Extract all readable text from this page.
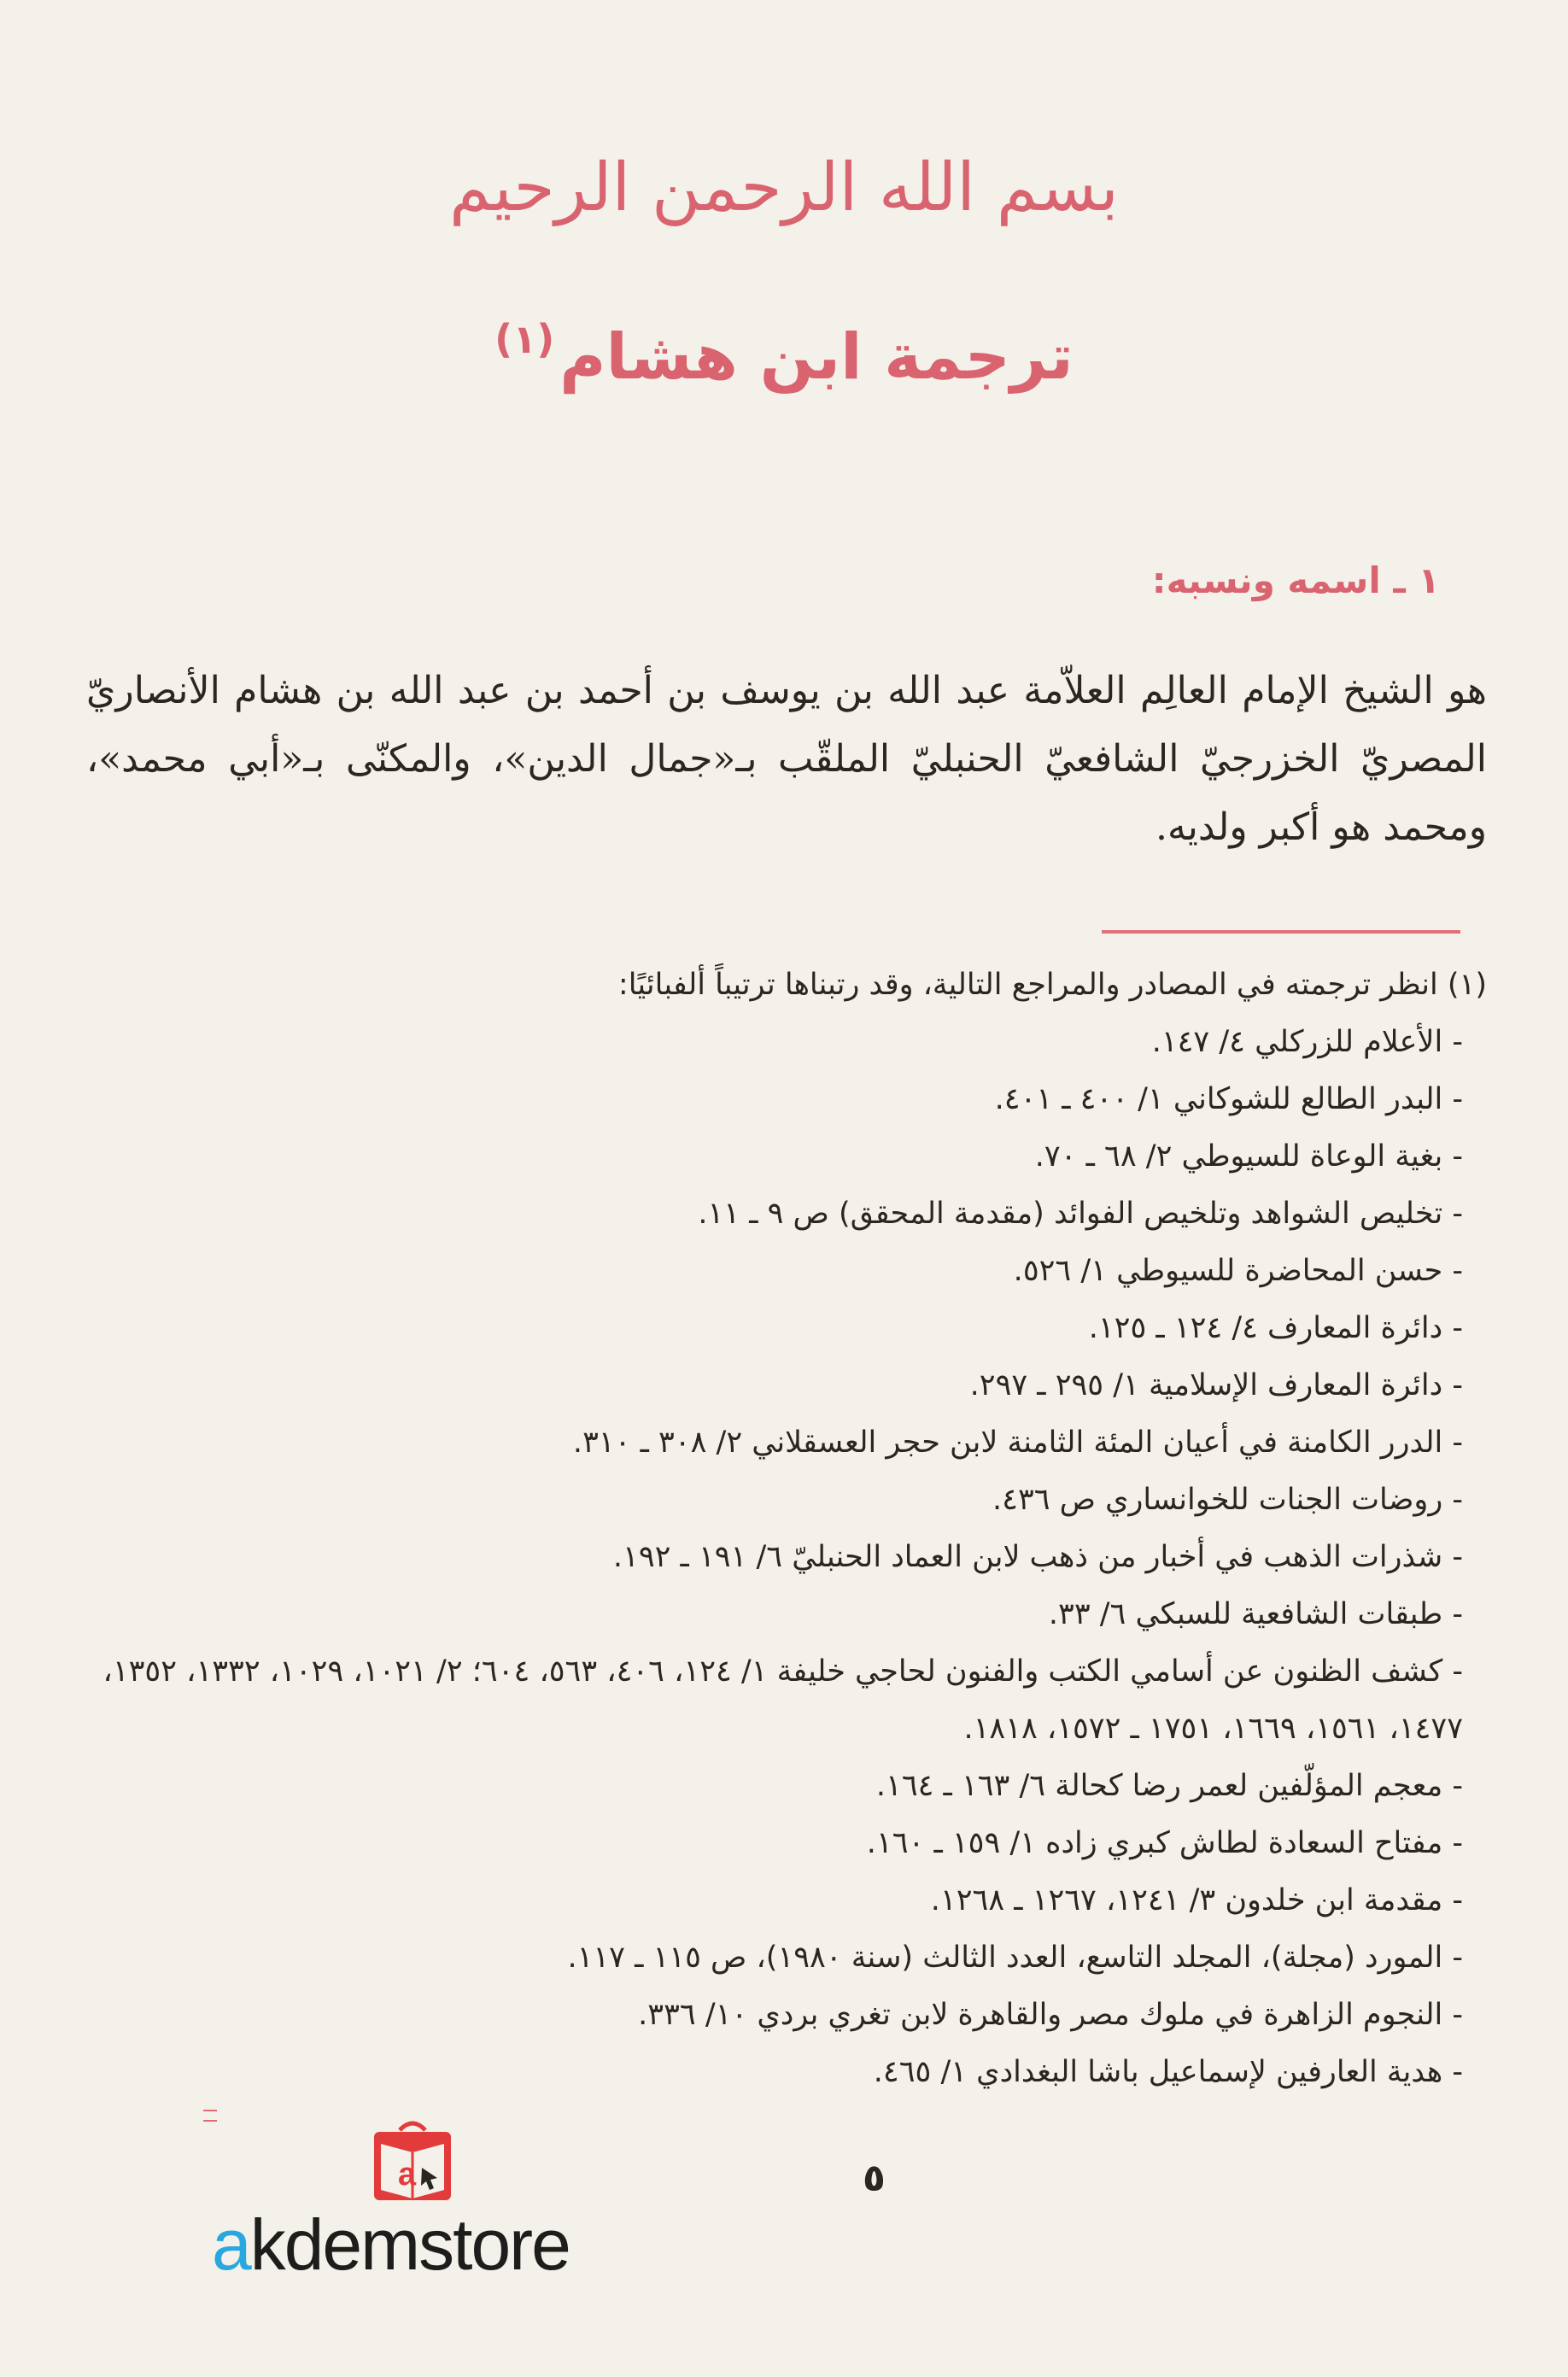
بسم الله الرحمن الرحيم
ترجمة ابن هشام$^{(١)}$
١ ـ اسمه ونسبه:

هو الشيخ الإمام العالِم العلاّمة عبد الله بن يوسف بن أحمد بن عبد الله بن هشام الأنصاريّ المصريّ الخزرجيّ الشافعيّ الحنبليّ الملقّب بـ«جمال الدين»، والمكنّى بـ«أبي محمد»، ومحمد هو أكبر ولديه.

(١) انظر ترجمته في المصادر والمراجع التالية، وقد رتبناها ترتيباً ألفبائيًا:

- الأعلام للزركلي ٤/ ١٤٧.
- البدر الطالع للشوكاني ١/ ٤٠٠ ـ ٤٠١.
- بغية الوعاة للسيوطي ٢/ ٦٨ ـ ٧٠.
- تخليص الشواهد وتلخيص الفوائد (مقدمة المحقق) ص ٩ ـ ١١.
- حسن المحاضرة للسيوطي ١/ ٥٢٦.
- دائرة المعارف ٤/ ١٢٤ ـ ١٢٥.
- دائرة المعارف الإسلامية ١/ ٢٩٥ ـ ٢٩٧.
- الدرر الكامنة في أعيان المئة الثامنة لابن حجر العسقلاني ٢/ ٣٠٨ ـ ٣١٠.
- روضات الجنات للخوانساري ص ٤٣٦.
- شذرات الذهب في أخبار من ذهب لابن العماد الحنبليّ ٦/ ١٩١ ـ ١٩٢.
- طبقات الشافعية للسبكي ٦/ ٣٣.
- كشف الظنون عن أسامي الكتب والفنون لحاجي خليفة ١/ ١٢٤، ٤٠٦، ٥٦٣، ٦٠٤؛ ٢/ ١٠٢١، ١٠٢٩، ١٣٣٢، ١٣٥٢، ١٤٧٧، ١٥٦١، ١٦٦٩، ١٧٥١ ـ ١٥٧٢، ١٨١٨.
- معجم المؤلّفين لعمر رضا كحالة ٦/ ١٦٣ ـ ١٦٤.
- مفتاح السعادة لطاش كبري زاده ١/ ١٥٩ ـ ١٦٠.
- مقدمة ابن خلدون ٣/ ١٢٤١، ١٢٦٧ ـ ١٢٦٨.
- المورد (مجلة)، المجلد التاسع، العدد الثالث (سنة ١٩٨٠)، ص ١١٥ ـ ١١٧.
- النجوم الزاهرة في ملوك مصر والقاهرة لابن تغري بردي ١٠/ ٣٣٦.
- هدية العارفين لإسماعيل باشا البغدادي ١/ ٤٦٥.
٥
a
akdemstore
